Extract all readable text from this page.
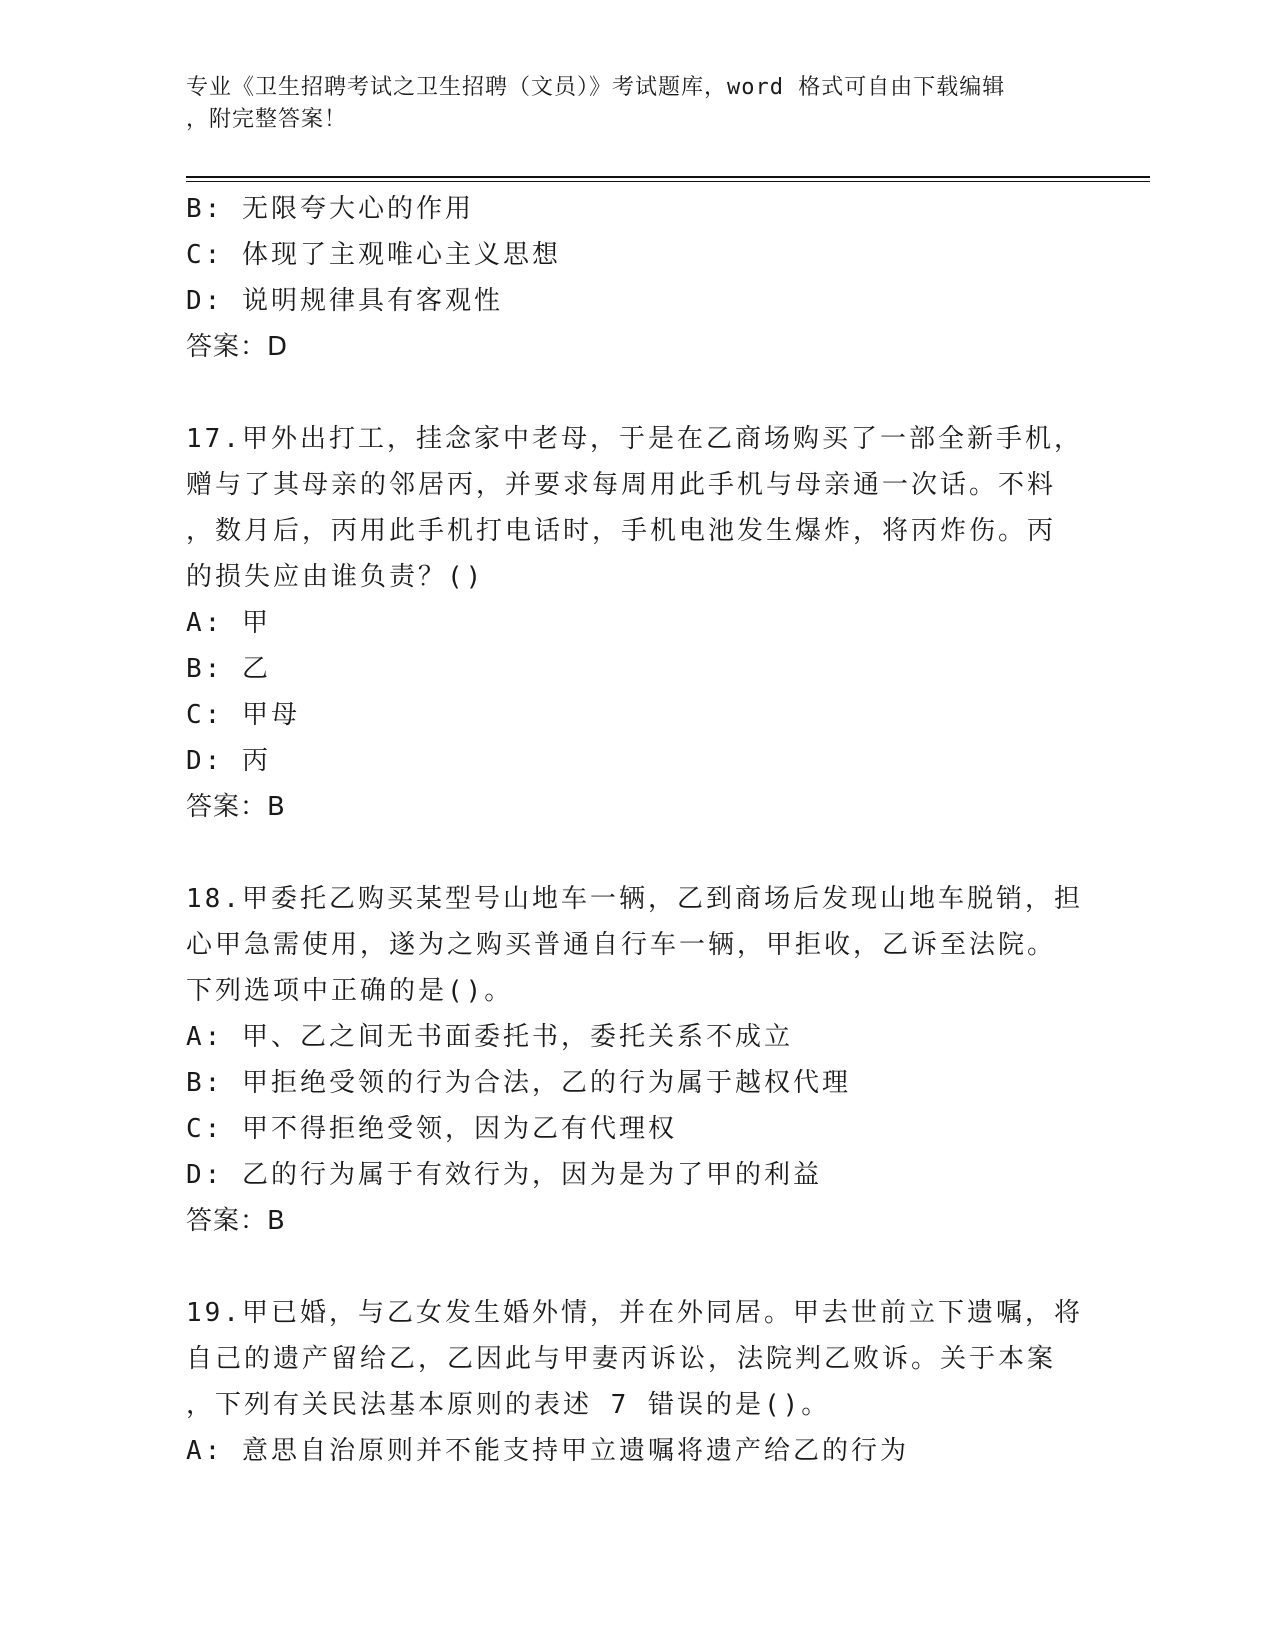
专业《卫生招聘考试之卫生招聘（文员）》考试题库，word 格式可自由下载编辑
，附完整答案！
B: 无限夸大心的作用
C: 体现了主观唯心主义思想
D: 说明规律具有客观性
答案：D
17.甲外出打工，挂念家中老母，于是在乙商场购买了一部全新手机，
赠与了其母亲的邻居丙，并要求每周用此手机与母亲通一次话。不料
，数月后，丙用此手机打电话时，手机电池发生爆炸，将丙炸伤。丙
的损失应由谁负责？()
A: 甲
B: 乙
C: 甲母
D: 丙
答案：B
18.甲委托乙购买某型号山地车一辆，乙到商场后发现山地车脱销，担
心甲急需使用，遂为之购买普通自行车一辆，甲拒收，乙诉至法院。
下列选项中正确的是()。
A: 甲、乙之间无书面委托书，委托关系不成立
B: 甲拒绝受领的行为合法，乙的行为属于越权代理
C: 甲不得拒绝受领，因为乙有代理权
D: 乙的行为属于有效行为，因为是为了甲的利益
答案：B
19.甲已婚，与乙女发生婚外情，并在外同居。甲去世前立下遗嘱，将
自己的遗产留给乙，乙因此与甲妻丙诉讼，法院判乙败诉。关于本案
，下列有关民法基本原则的表述 7 错误的是()。
A: 意思自治原则并不能支持甲立遗嘱将遗产给乙的行为
